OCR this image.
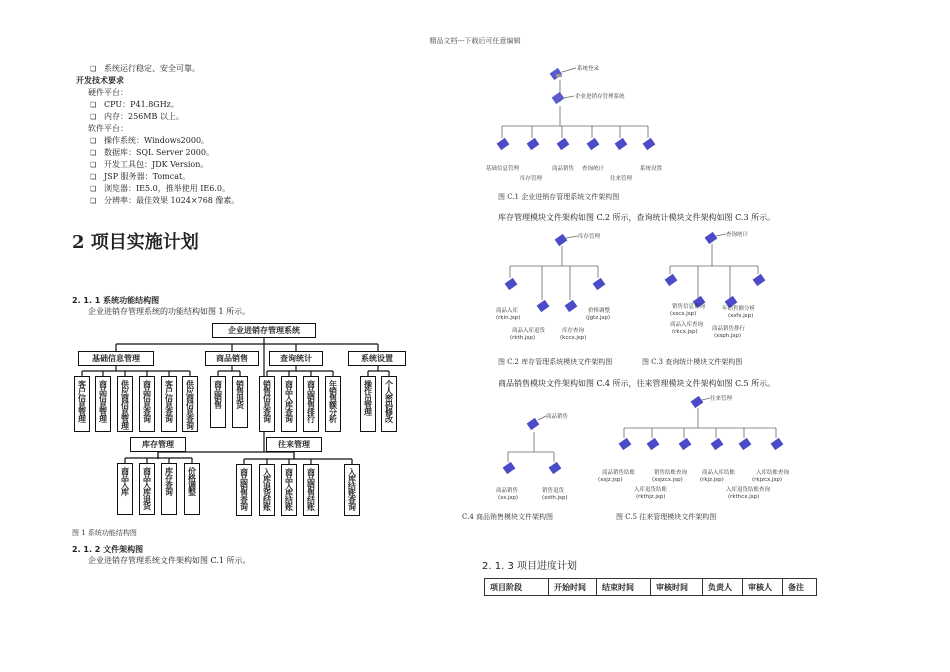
精品文档---下载后可任意编辑
❏ 系统运行稳定、安全可靠。
开发技术要求
硬件平台：
❏ CPU：P41.8GHz。
❏ 内存：256MB 以上。
软件平台：
❏ 操作系统：Windows2000。
❏ 数据库：SQL Server 2000。
❏ 开发工具包：JDK Version。
❏ JSP 服务器：Tomcat。
❏ 浏览器：IE5.0，推举使用 IE6.0。
❏ 分辨率：最佳效果 1024×768 像素。
2 项目实施计划
2. 1. 1 系统功能结构图
企业进销存管理系统的功能结构如图 1 所示。
企业进销存管理系统
基础信息管理	商品销售	查询统计	系统设置
客户信息管理	商品信息管理	供应商信息管理	商品信息查询	客户信息查询	供应商信息查询	商品销售	销售退货	销售信息查询	商品入库查询	商品销售排行	年销售额分析	操作员管理	个人密码修改
库存管理	往来管理
商品入库	商品入库退货	库存查询	价格调整	商品销售查询	入库退货结账	商品入库结账	商品销售结账	入库结账查询
图 1 系统功能结构图
2. 1. 2 文件架构图
企业进销存管理系统文件架构如图 C.1 所示。
系统登录
企业进销存管理系统
基础信息管理
库存管理
商品销售 查询统计
往来管理
系统设置
图 C.1 企业进销存管理系统文件架构图
库存管理模块文件架构如图 C.2 所示，查询统计模块文件架构如图 C.3 所示。
库存管理
商品入库
(rkin.jsp)
商品入库退货
(rkth.jsp)
库存查询
(kccx.jsp)
价格调整
(jgtz.jsp)
查询统计
销售信息查询
(xscx.jsp)
商品入库查询
(rkcx.jsp)	商品销售排行
(xsph.jsp)
年销售额分析
(xsfx.jsp)
图 C.2 库存管理系统模块文件架构图	图 C.3 查询统计模块文件架构图
商品销售模块文件架构如图 C.4 所示，往来管理模块文件架构如图 C.5 所示。
商品销售
商品销售
(xs.jsp)
销售退货
(xsth.jsp)
往来管理
商品销售结账
(xsjz.jsp)
销售结账查询
(xsjzcx.jsp)
入库退货结账
(rkthjz.jsp)
商品入库结账
(rkjz.jsp)
入库结账查询
(rkjzcx.jsp)
入库退货结账查询
(rkthcx.jsp)
C.4 商品销售模块文件架构图	图 C.5 往来管理模块文件架构图
2. 1. 3 项目进度计划
项目阶段	开始时间	结束时间	审核时间	负责人	审核人	备注
